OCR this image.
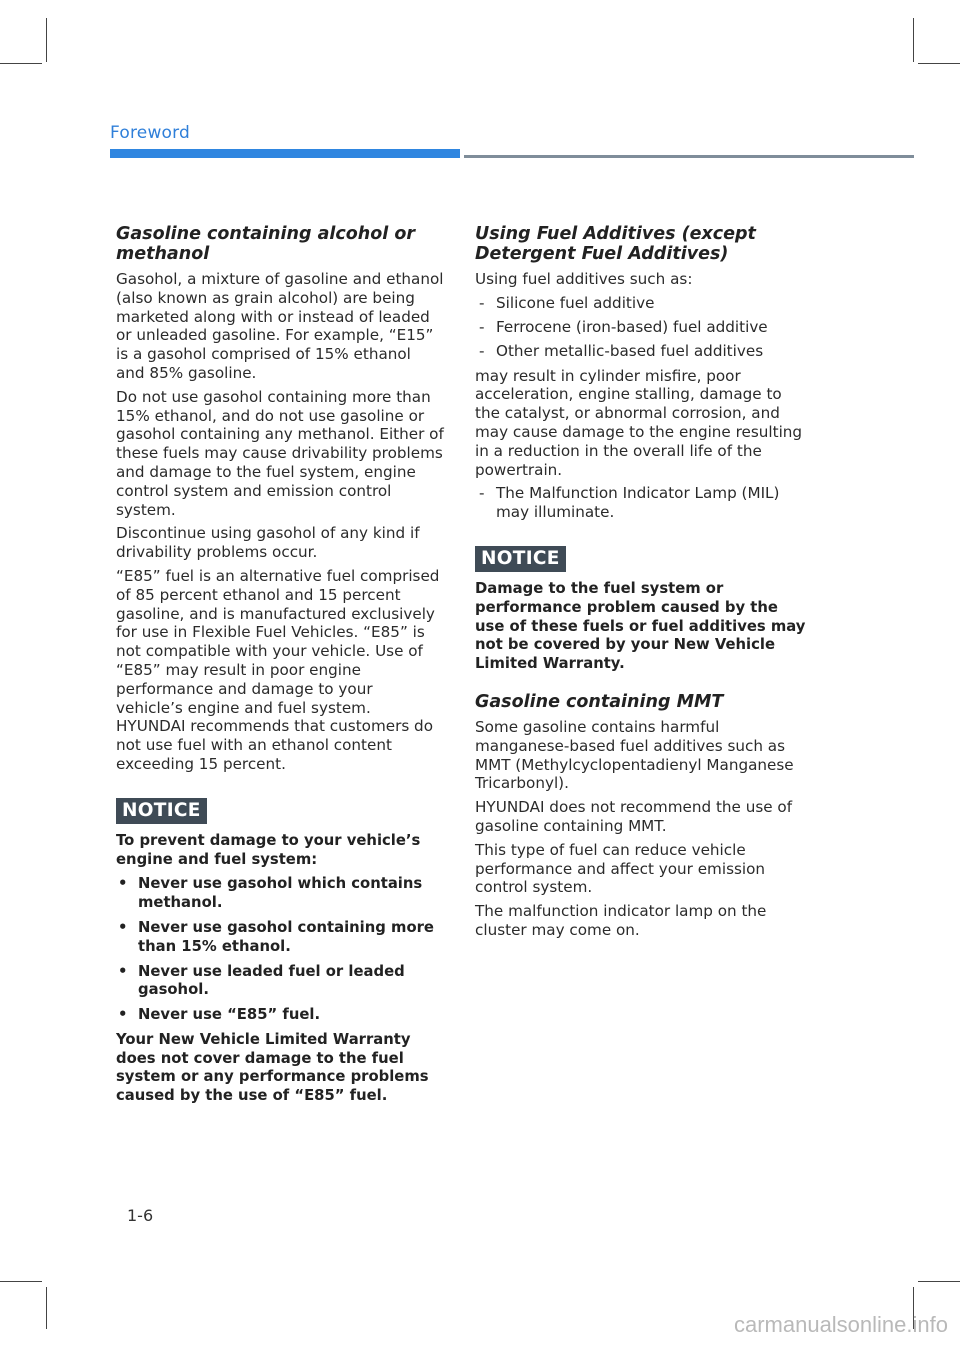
Foreword
Gasoline containing alcohol or methanol

Gasohol, a mixture of gasoline and ethanol (also known as grain alcohol) are being marketed along with or instead of leaded or unleaded gasoline. For example, “E15” is a gasohol comprised of 15% ethanol and 85% gasoline.

Do not use gasohol containing more than 15% ethanol, and do not use gasoline or gasohol containing any methanol. Either of these fuels may cause drivability problems and damage to the fuel system, engine control system and emission control system.

Discontinue using gasohol of any kind if drivability problems occur.

“E85” fuel is an alternative fuel comprised of 85 percent ethanol and 15 percent gasoline, and is manufactured exclusively for use in Flexible Fuel Vehicles. “E85” is not compatible with your vehicle. Use of “E85” may result in poor engine performance and damage to your vehicle’s engine and fuel system. HYUNDAI recommends that customers do not use fuel with an ethanol content exceeding 15 percent.

NOTICE

To prevent damage to your vehicle’s engine and fuel system:

• Never use gasohol which contains methanol.
• Never use gasohol containing more than 15% ethanol.
• Never use leaded fuel or leaded gasohol.
• Never use “E85” fuel.

Your New Vehicle Limited Warranty does not cover damage to the fuel system or any performance problems caused by the use of “E85” fuel.

Using Fuel Additives (except Detergent Fuel Additives)

Using fuel additives such as:

- Silicone fuel additive
- Ferrocene (iron-based) fuel additive
- Other metallic-based fuel additives

may result in cylinder misfire, poor acceleration, engine stalling, damage to the catalyst, or abnormal corrosion, and may cause damage to the engine resulting in a reduction in the overall life of the powertrain.

- The Malfunction Indicator Lamp (MIL) may illuminate.
NOTICE

Damage to the fuel system or performance problem caused by the use of these fuels or fuel additives may not be covered by your New Vehicle Limited Warranty.

Gasoline containing MMT

Some gasoline contains harmful manganese-based fuel additives such as MMT (Methylcyclopentadienyl Manganese Tricarbonyl).

HYUNDAI does not recommend the use of gasoline containing MMT.

This type of fuel can reduce vehicle performance and affect your emission control system.

The malfunction indicator lamp on the cluster may come on.

1-6
carmanualsonline.info
